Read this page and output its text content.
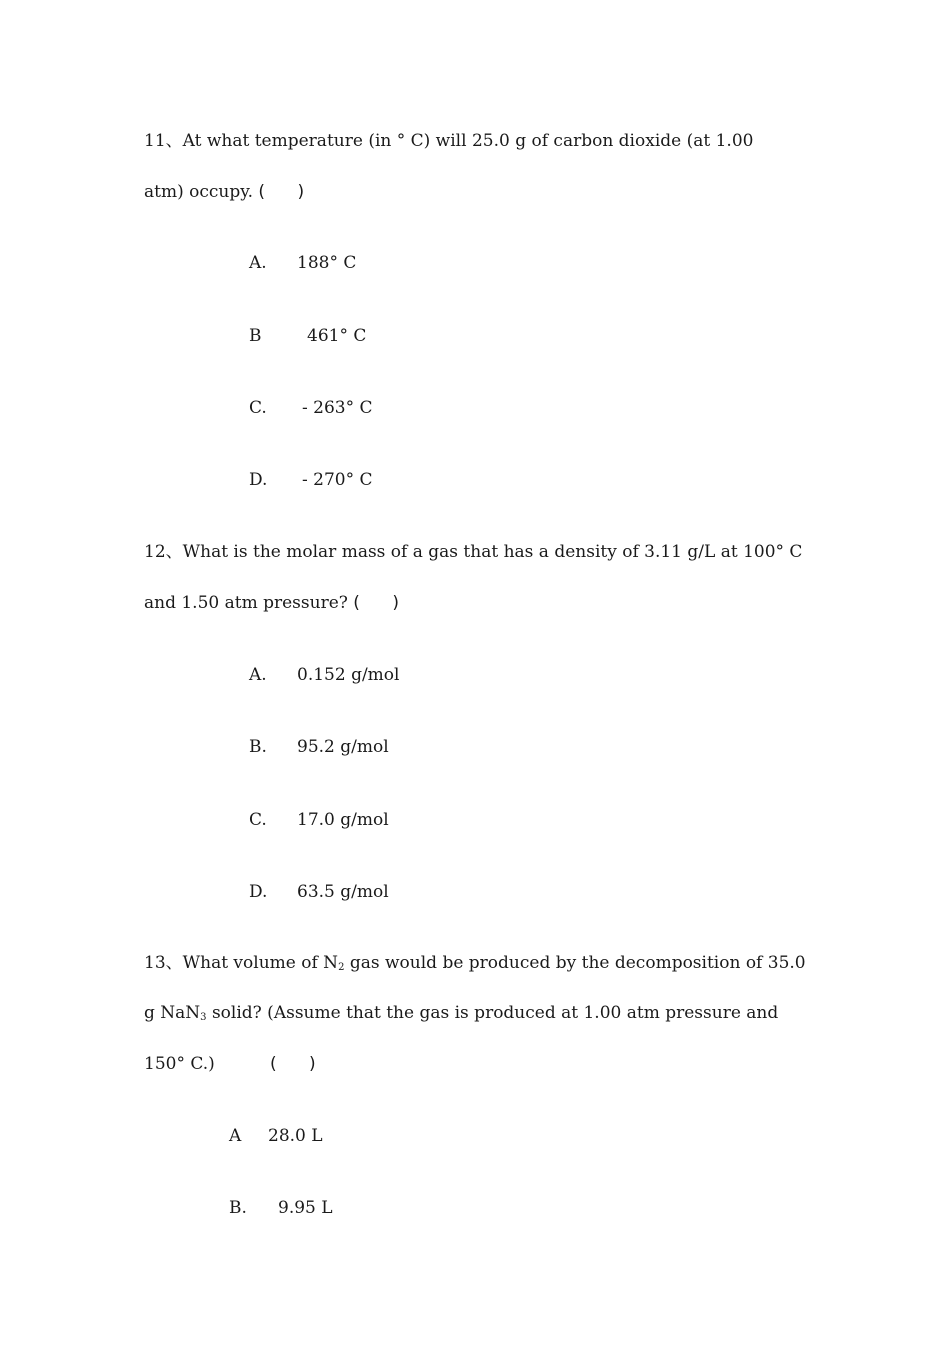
11、At what temperature (in ° C) will 25.0 g of carbon dioxide (at 1.00
atm) occupy. (      )
A. 188° C
B	461° C
C. - 263° C
D. - 270° C
12、What is the molar mass of a gas that has a density of 3.11 g/L at 100° C
and 1.50 atm pressure? (      )
A. 0.152 g/mol
B. 95.2 g/mol
C. 17.0 g/mol
D. 63.5 g/mol
13、What volume of $N_2$ gas would be produced by the decomposition of 35.0
g NaN$_3$ solid? (Assume that the gas is produced at 1.00 atm pressure and
150° C.)	(      )
A 28.0 L
B. 9.95 L
